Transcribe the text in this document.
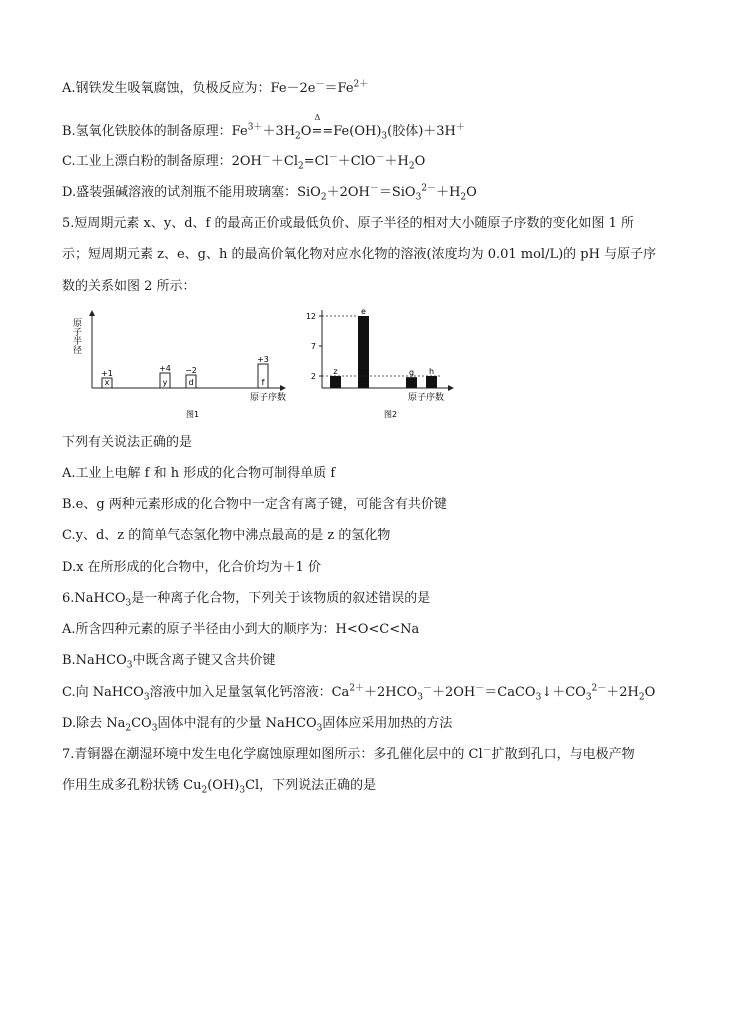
A.钢铁发生吸氧腐蚀，负极反应为：$Fe-2e^-=Fe^{2+}$
B.氢氧化铁胶体的制备原理：$Fe^{3+}+3H_2O$
Δ
$==Fe(OH)_3$(胶体)＋3H＋
C.工业上漂白粉的制备原理：$2OH^-+Cl_2=Cl^-+ClO^-+H_2O$
D.盛装强碱溶液的试剂瓶不能用玻璃塞：$SiO_2+2OH^-=SiO_3^{2-}+H_2O$
5.短周期元素 x、y、d、f 的最高正价或最低负价、原子半径的相对大小随原子序数的变化如图 1 所
示；短周期元素 z、e、g、h 的最高价氧化物对应水化物的溶液(浓度均为 0.01 mol/L)的 pH 与原子序
数的关系如图 2 所示：
原子半径
原子序数
图1
x
+1
y
+4
d
−2
f
+3
原子序数
图2
2
7
12
z
e
g h
下列有关说法正确的是
A.工业上电解 f 和 h 形成的化合物可制得单质 f
B.e、g 两种元素形成的化合物中一定含有离子键，可能含有共价键
C.y、d、z 的简单气态氢化物中沸点最高的是 z 的氢化物
D.x 在所形成的化合物中，化合价均为＋1 价
6.NaHCO$_3$是一种离子化合物，下列关于该物质的叙述错误的是
A.所含四种元素的原子半径由小到大的顺序为：H<O<C<Na
B.NaHCO$_3$中既含离子键又含共价键
C.向 NaHCO$_3$溶液中加入足量氢氧化钙溶液：$Ca^{2+}+2HCO_3^-+2OH^-=CaCO_3↓+CO_3^{2-}+2H_2O$
D.除去 $Na_2CO_3$固体中混有的少量 NaHCO$_3$固体应采用加热的方法
7.青铜器在潮湿环境中发生电化学腐蚀原理如图所示：多孔催化层中的 Cl－扩散到孔口，与电极产物
作用生成多孔粉状锈 $Cu_2(OH)_3Cl$，下列说法正确的是
